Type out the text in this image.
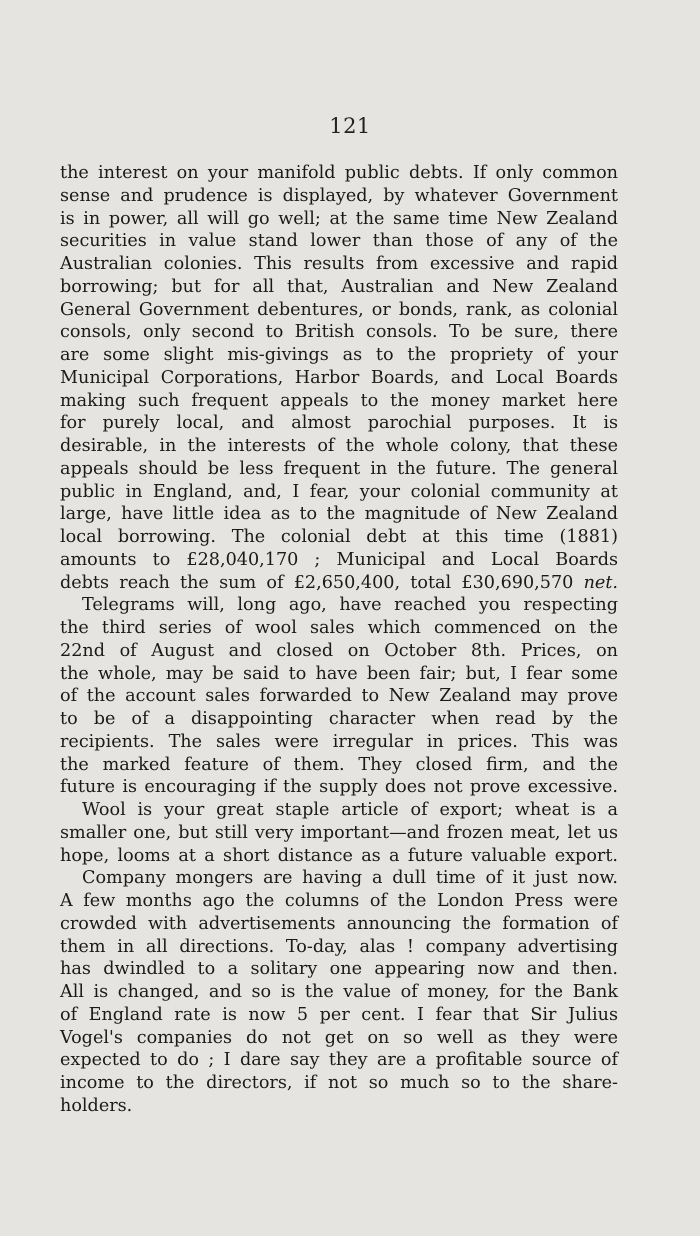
121
the interest on your manifold public debts. If only common
sense and prudence is displayed, by whatever Government
is in power, all will go well; at the same time New Zealand
securities in value stand lower than those of any of the
Australian colonies. This results from excessive and rapid
borrowing; but for all that, Australian and New Zealand
General Government debentures, or bonds, rank, as colonial
consols, only second to British consols. To be sure, there
are some slight mis-givings as to the propriety of your
Municipal Corporations, Harbor Boards, and Local Boards
making such frequent appeals to the money market here
for purely local, and almost parochial purposes. It is
desirable, in the interests of the whole colony, that these
appeals should be less frequent in the future. The general
public in England, and, I fear, your colonial community at
large, have little idea as to the magnitude of New Zealand
local borrowing. The colonial debt at this time (1881)
amounts to £28,040,170 ; Municipal and Local Boards
debts reach the sum of £2,650,400, total £30,690,570 net.
Telegrams will, long ago, have reached you respecting
the third series of wool sales which commenced on the
22nd of August and closed on October 8th. Prices, on
the whole, may be said to have been fair; but, I fear some
of the account sales forwarded to New Zealand may prove
to be of a disappointing character when read by the
recipients. The sales were irregular in prices. This was
the marked feature of them. They closed firm, and the
future is encouraging if the supply does not prove excessive.
Wool is your great staple article of export; wheat is a
smaller one, but still very important—and frozen meat, let us
hope, looms at a short distance as a future valuable export.
Company mongers are having a dull time of it just now.
A few months ago the columns of the London Press were
crowded with advertisements announcing the formation of
them in all directions. To-day, alas ! company advertising
has dwindled to a solitary one appearing now and then.
All is changed, and so is the value of money, for the Bank
of England rate is now 5 per cent. I fear that Sir Julius
Vogel's companies do not get on so well as they were
expected to do ; I dare say they are a profitable source of
income to the directors, if not so much so to the share-
holders.
